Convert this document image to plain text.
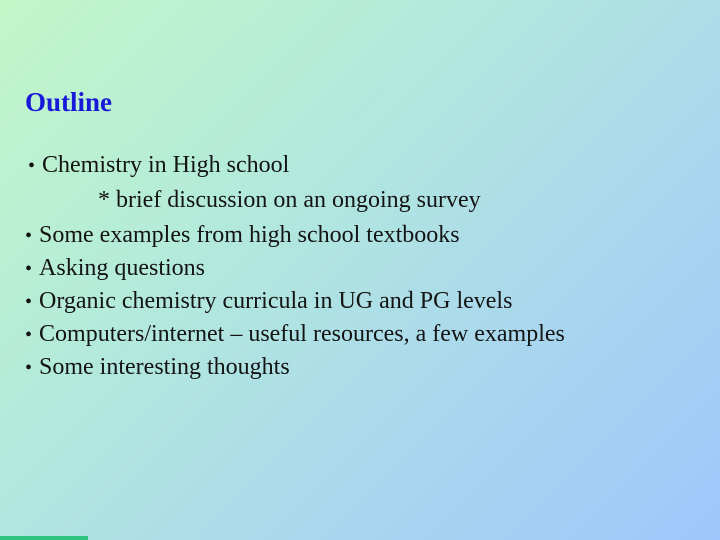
Outline
• Chemistry in High school
* brief discussion on an ongoing survey
• Some examples from high school textbooks
• Asking questions
• Organic chemistry curricula in UG and PG levels
• Computers/internet – useful resources, a few examples
• Some interesting thoughts
